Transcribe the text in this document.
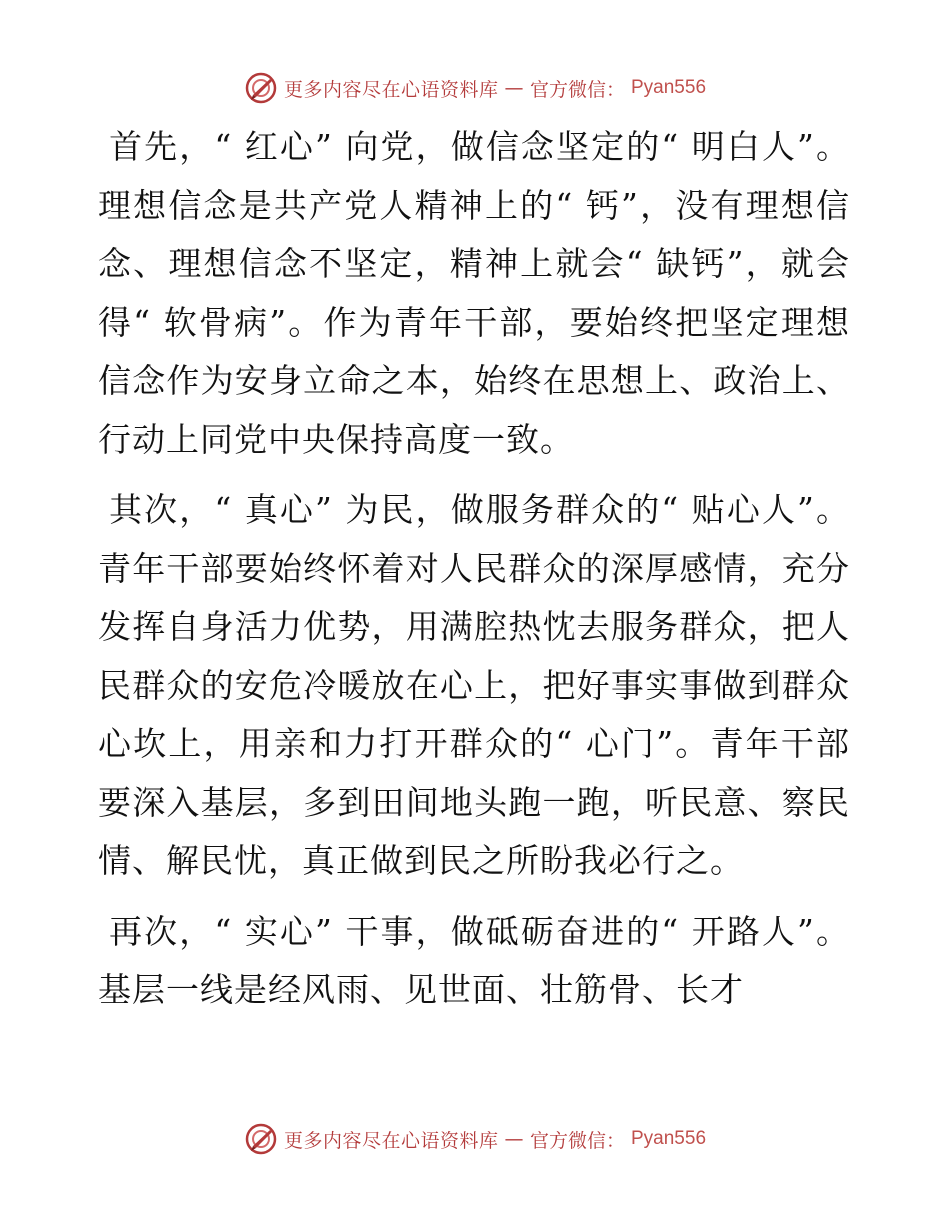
更多内容尽在心语资料库 — 官方微信： Pyan556

首先，“ 红心” 向党，做信念坚定的“ 明白人”。理想信念是共产党人精神上的“ 钙”，没有理想信念、理想信念不坚定，精神上就会“ 缺钙”，就会得“ 软骨病”。作为青年干部，要始终把坚定理想信念作为安身立命之本，始终在思想上、政治上、行动上同党中央保持高度一致。

其次，“ 真心” 为民，做服务群众的“ 贴心人”。青年干部要始终怀着对人民群众的深厚感情，充分发挥自身活力优势，用满腔热忱去服务群众，把人民群众的安危冷暖放在心上，把好事实事做到群众心坎上，用亲和力打开群众的“ 心门”。青年干部要深入基层，多到田间地头跑一跑，听民意、察民情、解民忧，真正做到民之所盼我必行之。

再次，“ 实心” 干事，做砥砺奋进的“ 开路人”。基层一线是经风雨、见世面、壮筋骨、长才

更多内容尽在心语资料库 — 官方微信： Pyan556
